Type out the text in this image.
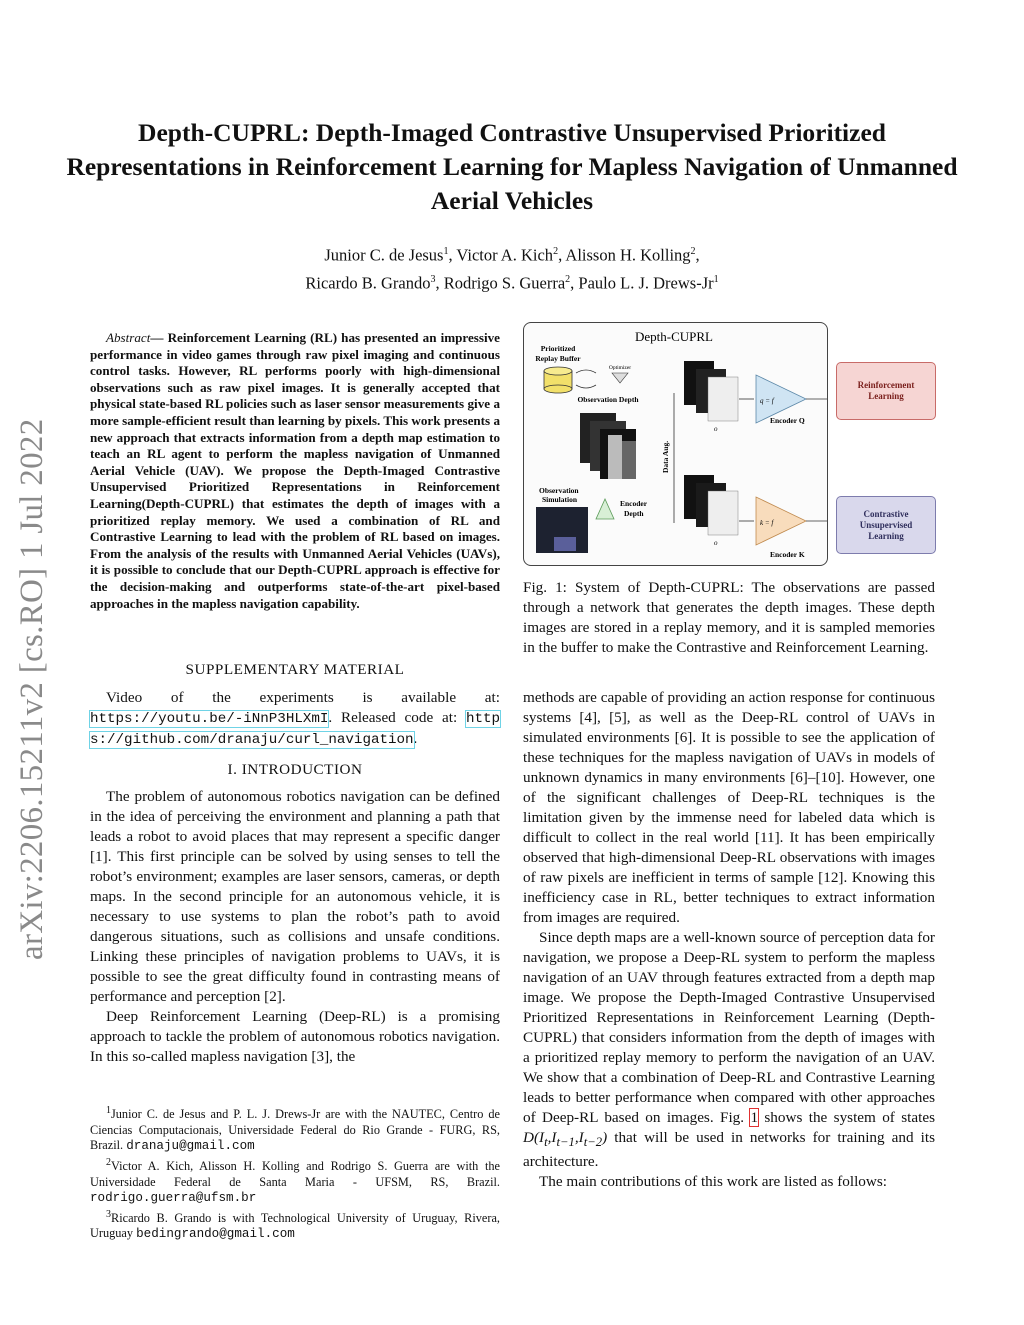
arXiv:2206.15211v2 [cs.RO] 1 Jul 2022
Depth-CUPRL: Depth-Imaged Contrastive Unsupervised Prioritized Representations in Reinforcement Learning for Mapless Navigation of Unmanned Aerial Vehicles
Junior C. de Jesus$^1$, Victor A. Kich$^2$, Alisson H. Kolling$^2$,
Ricardo B. Grando$^3$, Rodrigo S. Guerra$^2$, Paulo L. J. Drews-Jr$^1$
Abstract— Reinforcement Learning (RL) has presented an impressive performance in video games through raw pixel imaging and continuous control tasks. However, RL performs poorly with high-dimensional observations such as raw pixel images. It is generally accepted that physical state-based RL policies such as laser sensor measurements give a more sample-efficient result than learning by pixels. This work presents a new approach that extracts information from a depth map estimation to teach an RL agent to perform the mapless navigation of Unmanned Aerial Vehicle (UAV). We propose the Depth-Imaged Contrastive Unsupervised Prioritized Representations in Reinforcement Learning(Depth-CUPRL) that estimates the depth of images with a prioritized replay memory. We used a combination of RL and Contrastive Learning to lead with the problem of RL based on images. From the analysis of the results with Unmanned Aerial Vehicles (UAVs), it is possible to conclude that our Depth-CUPRL approach is effective for the decision-making and outperforms state-of-the-art pixel-based approaches in the mapless navigation capability.
SUPPLEMENTARY MATERIAL
Video of the experiments is available at: https://youtu.be/-iNnP3HLXmI. Released code at: https://github.com/dranaju/curl_navigation.
I. INTRODUCTION

The problem of autonomous robotics navigation can be defined in the idea of perceiving the environment and planning a path that leads a robot to avoid places that may represent a specific danger [1]. This first principle can be solved by using senses to tell the robot’s environment; examples are laser sensors, cameras, or depth maps. In the second principle for an autonomous vehicle, it is necessary to use systems to plan the robot’s path to avoid dangerous situations, such as collisions and unsafe conditions. Linking these principles of navigation problems to UAVs, it is possible to see the great difficulty found in contrasting means of performance and perception [2].

Deep Reinforcement Learning (Deep-RL) is a promising approach to tackle the problem of autonomous robotics navigation. In this so-called mapless navigation [3], the

$^1$Junior C. de Jesus and P. L. J. Drews-Jr are with the NAUTEC, Centro de Ciencias Computacionais, Universidade Federal do Rio Grande - FURG, RS, Brazil. dranaju@gmail.com

$^2$Victor A. Kich, Alisson H. Kolling and Rodrigo S. Guerra are with the Universidade Federal de Santa Maria - UFSM, RS, Brazil. rodrigo.guerra@ufsm.br

$^3$Ricardo B. Grando is with Technological University of Uruguay, Rivera, Uruguay bedingrando@gmail.com

Depth-CUPRL
Prioritized
Replay Buffer
Optimizer
Observation Depth
Observation
Simulation	Encoder
Depth
Data Aug.
o
o
q = f
Encoder Q
k = f
Encoder K
Reinforcement
Learning
Contrastive
Unsupervised
Learning
Fig. 1: System of Depth-CUPRL: The observations are passed through a network that generates the depth images. These depth images are stored in a replay memory, and it is sampled memories in the buffer to make the Contrastive and Reinforcement Learning.

methods are capable of providing an action response for continuous systems [4], [5], as well as the Deep-RL control of UAVs in simulated environments [6]. It is possible to see the application of these techniques for the mapless navigation of UAVs in models of unknown dynamics in many environments [6]–[10]. However, one of the significant challenges of Deep-RL techniques is the limitation given by the immense need for labeled data which is difficult to collect in the real world [11]. It has been empirically observed that high-dimensional Deep-RL observations with images of raw pixels are inefficient in terms of sample [12]. Knowing this inefficiency case in RL, better techniques to extract information from images are required.

Since depth maps are a well-known source of perception data for navigation, we propose a Deep-RL system to perform the mapless navigation of an UAV through features extracted from a depth map image. We propose the Depth-Imaged Contrastive Unsupervised Prioritized Representations in Reinforcement Learning (Depth-CUPRL) that considers information from the depth of images with a prioritized replay memory to perform the navigation of an UAV. We show that a combination of Deep-RL and Contrastive Learning leads to better performance when compared with other approaches of Deep-RL based on images. Fig. 1 shows the system of states $D(I_t,I_{t-1},I_{t-2})$ that will be used in networks for training and its architecture.

The main contributions of this work are listed as follows:
